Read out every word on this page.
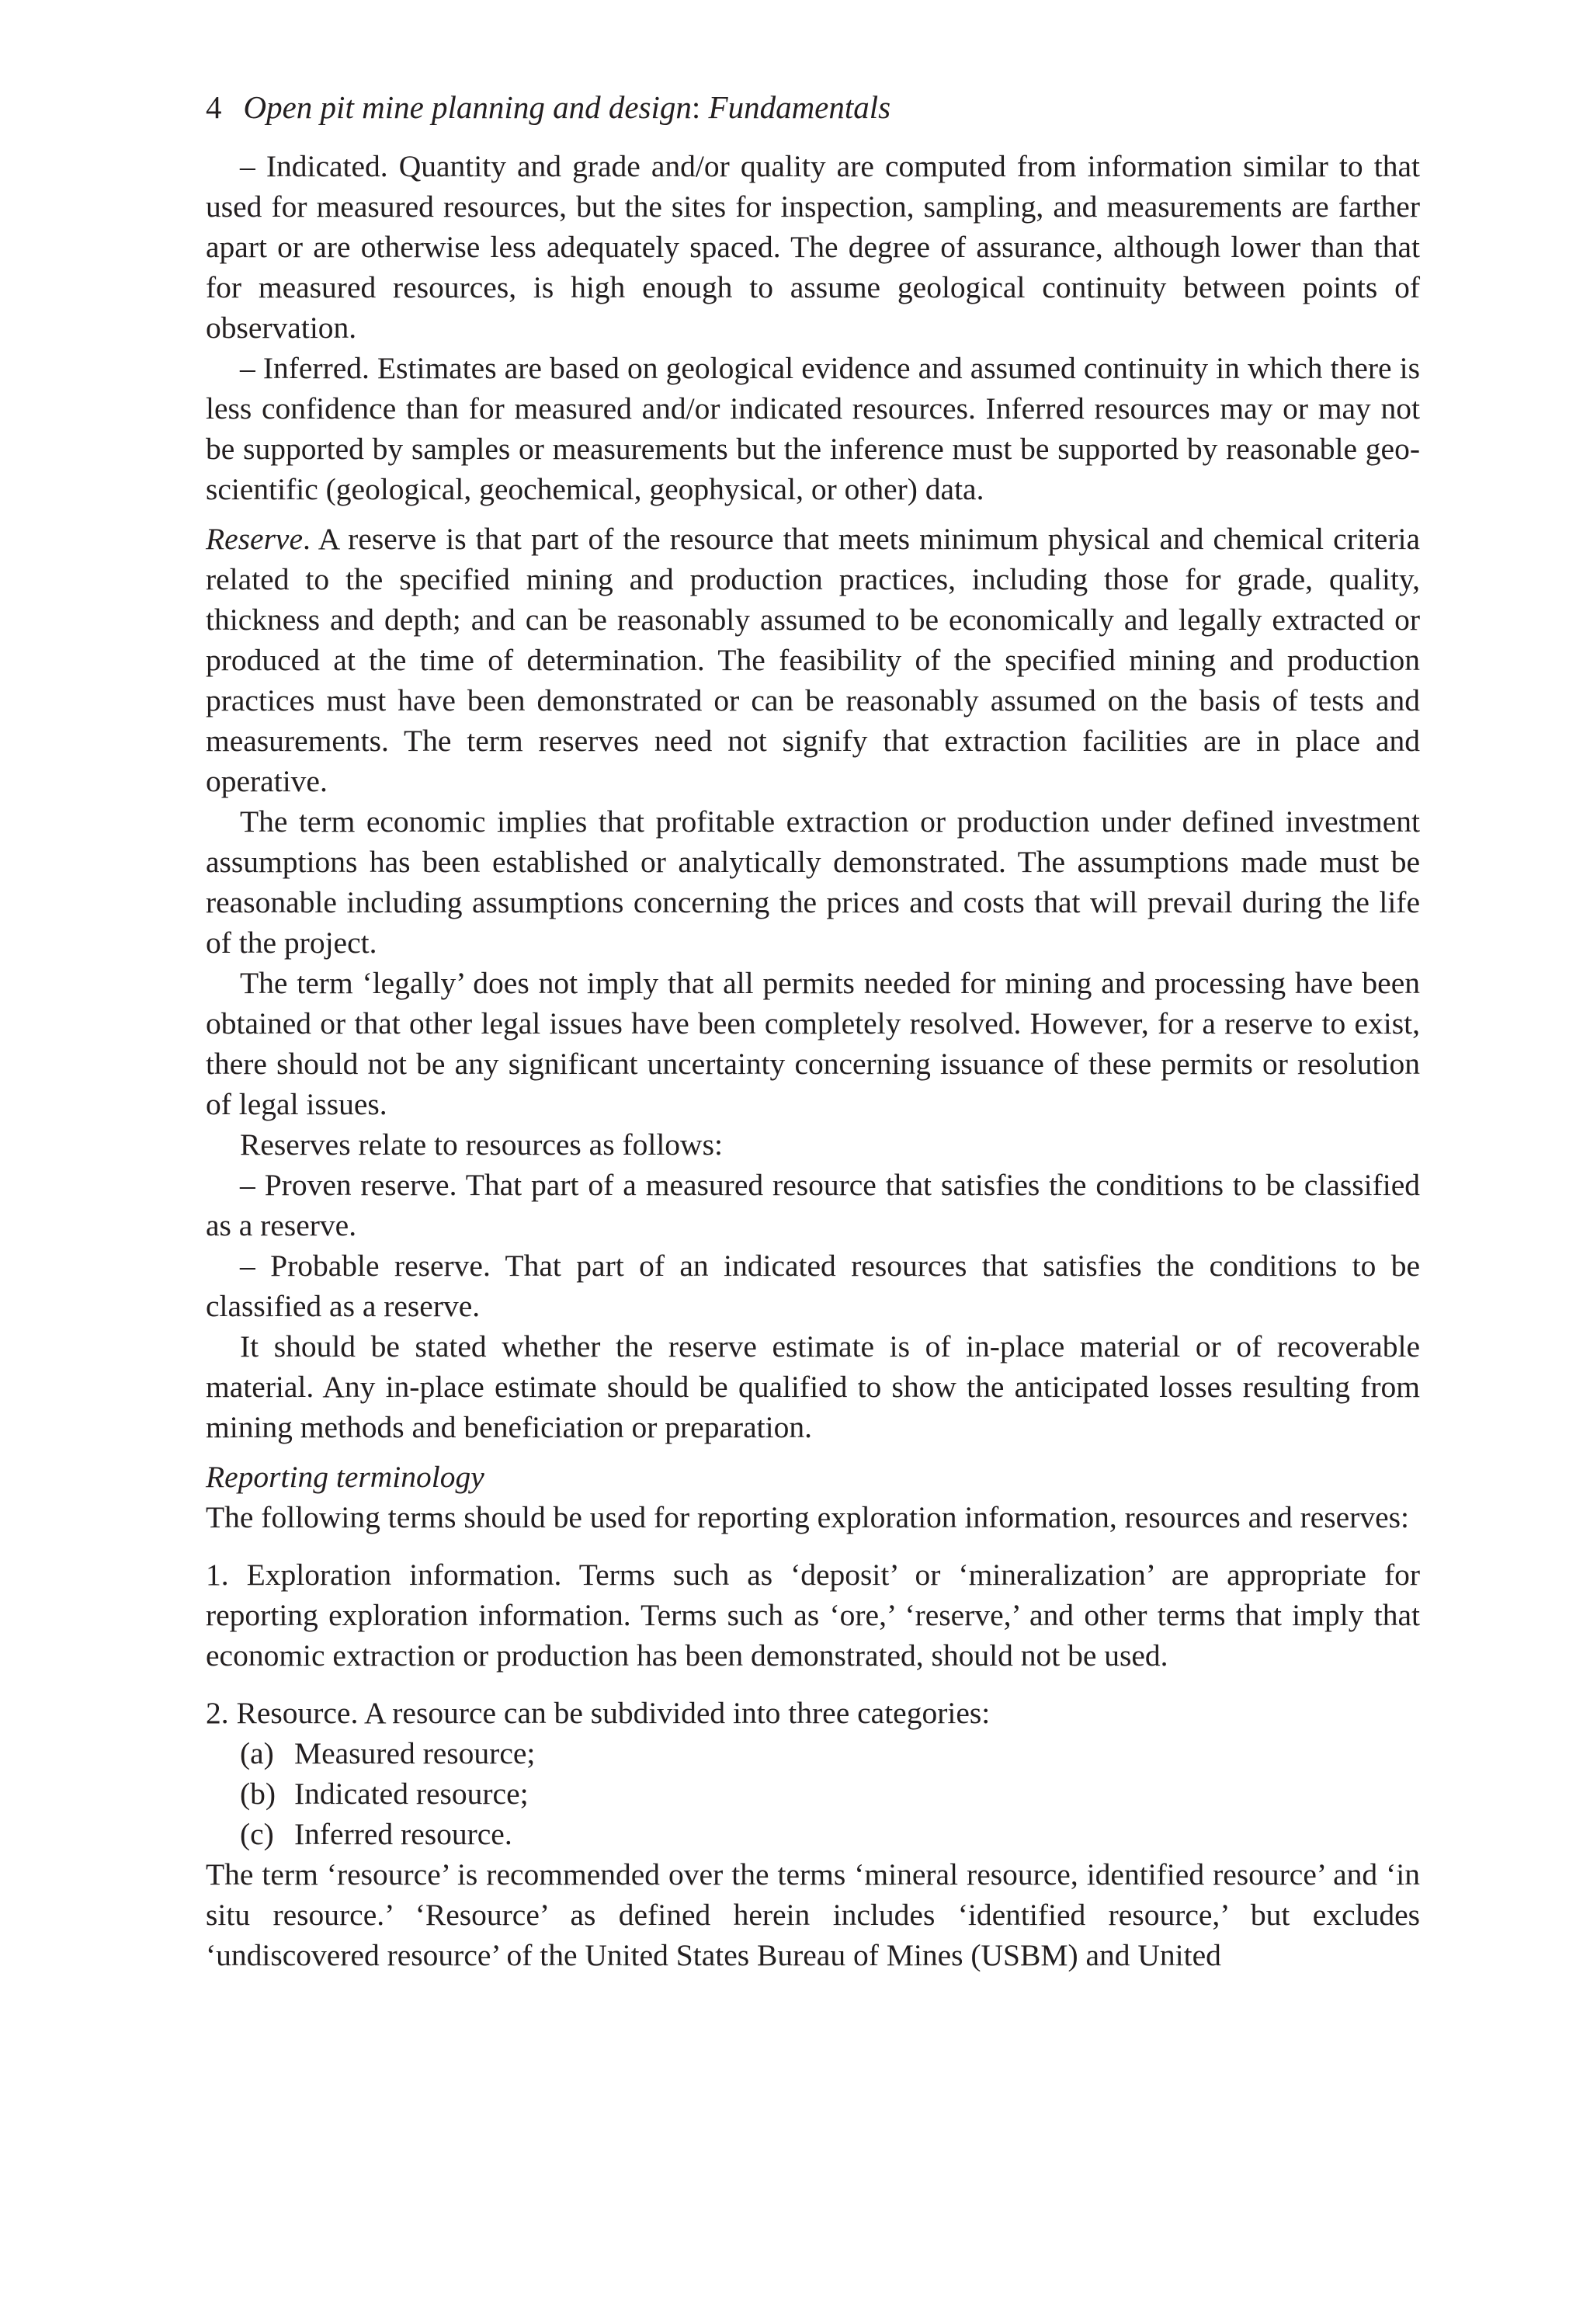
4 Open pit mine planning and design: Fundamentals

– Indicated. Quantity and grade and/or quality are computed from information similar to that used for measured resources, but the sites for inspection, sampling, and measurements are farther apart or are otherwise less adequately spaced. The degree of assurance, although lower than that for measured resources, is high enough to assume geological continuity between points of observation.

– Inferred. Estimates are based on geological evidence and assumed continuity in which there is less confidence than for measured and/or indicated resources. Inferred resources may or may not be supported by samples or measurements but the inference must be supported by reasonable geo-scientific (geological, geochemical, geophysical, or other) data.

Reserve. A reserve is that part of the resource that meets minimum physical and chemical criteria related to the specified mining and production practices, including those for grade, quality, thickness and depth; and can be reasonably assumed to be economically and legally extracted or produced at the time of determination. The feasibility of the specified mining and production practices must have been demonstrated or can be reasonably assumed on the basis of tests and measurements. The term reserves need not signify that extraction facilities are in place and operative.

The term economic implies that profitable extraction or production under defined investment assumptions has been established or analytically demonstrated. The assumptions made must be reasonable including assumptions concerning the prices and costs that will prevail during the life of the project.

The term ‘legally’ does not imply that all permits needed for mining and processing have been obtained or that other legal issues have been completely resolved. However, for a reserve to exist, there should not be any significant uncertainty concerning issuance of these permits or resolution of legal issues.

Reserves relate to resources as follows:

– Proven reserve. That part of a measured resource that satisfies the conditions to be classified as a reserve.

– Probable reserve. That part of an indicated resources that satisfies the conditions to be classified as a reserve.

It should be stated whether the reserve estimate is of in-place material or of recoverable material. Any in-place estimate should be qualified to show the anticipated losses resulting from mining methods and beneficiation or preparation.

Reporting terminology

The following terms should be used for reporting exploration information, resources and reserves:

1. Exploration information. Terms such as ‘deposit’ or ‘mineralization’ are appropriate for reporting exploration information. Terms such as ‘ore,’ ‘reserve,’ and other terms that imply that economic extraction or production has been demonstrated, should not be used.

2. Resource. A resource can be subdivided into three categories:

(a) Measured resource;
(b) Indicated resource;
(c) Inferred resource.

The term ‘resource’ is recommended over the terms ‘mineral resource, identified resource’ and ‘in situ resource.’ ‘Resource’ as defined herein includes ‘identified resource,’ but excludes ‘undiscovered resource’ of the United States Bureau of Mines (USBM) and United
